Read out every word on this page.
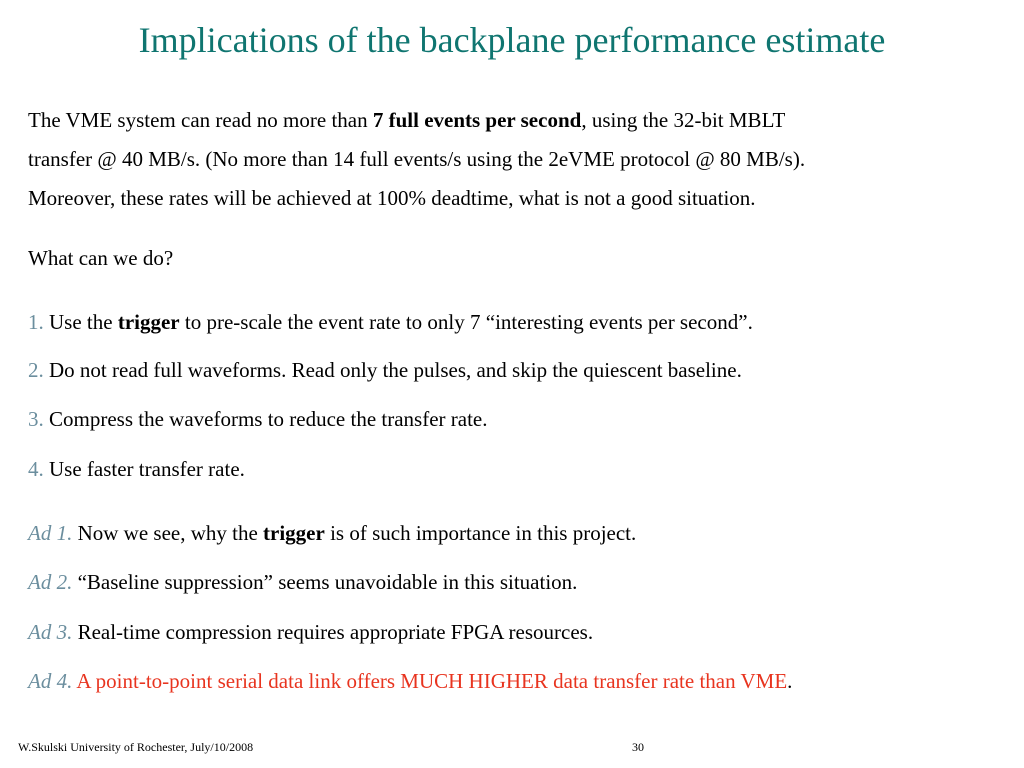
Implications of the backplane performance estimate
The VME system can read no more than 7 full events per second, using the 32-bit MBLT
transfer @ 40 MB/s. (No more than 14 full events/s using the 2eVME protocol @ 80 MB/s).
Moreover, these rates will be achieved at 100% deadtime, what is not a good situation.
What can we do?
1. Use the trigger to pre-scale the event rate to only 7 “interesting events per second”.
2. Do not read full waveforms. Read only the pulses, and skip the quiescent baseline.
3. Compress the waveforms to reduce the transfer rate.
4. Use faster transfer rate.
Ad 1. Now we see, why the trigger is of such importance in this project.
Ad 2. “Baseline suppression” seems unavoidable in this situation.
Ad 3. Real-time compression requires appropriate FPGA resources.
Ad 4. A point-to-point serial data link offers MUCH HIGHER data transfer rate than VME.
W.Skulski University of Rochester, July/10/2008	30
